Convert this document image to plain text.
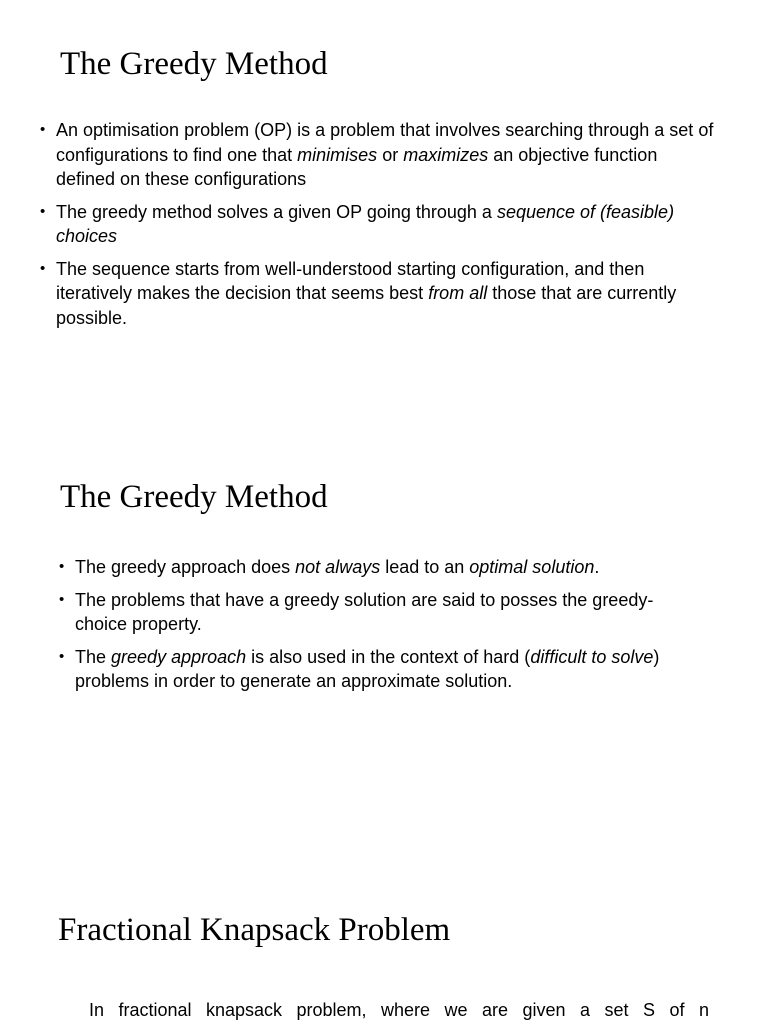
The Greedy Method
• An optimisation problem (OP) is a problem that involves searching through a set of configurations to find one that minimises or maximizes an objective function defined on these configurations
• The greedy method solves a given OP going through a sequence of (feasible) choices
• The sequence starts from well-understood starting configuration, and then iteratively makes the decision that seems best from all those that are currently possible.
The Greedy Method
• The greedy approach does not always lead to an optimal solution.
• The problems that have a greedy solution are said to posses the greedy-choice property.
• The greedy approach is also used in the context of hard (difficult to solve) problems in order to generate an approximate solution.
Fractional Knapsack Problem

In fractional knapsack problem, where we are given a set S of n
